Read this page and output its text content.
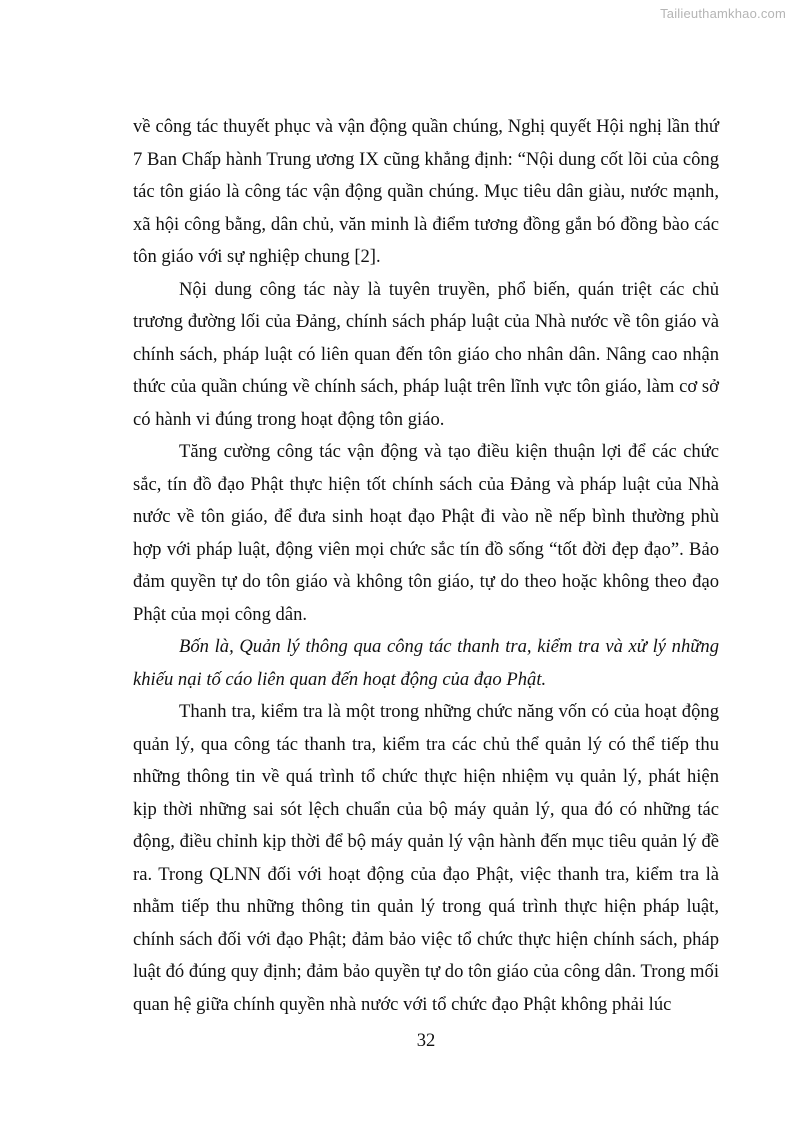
Tailieuthamkhao.com

về công tác thuyết phục và vận động quần chúng, Nghị quyết Hội nghị lần thứ 7 Ban Chấp hành Trung ương IX cũng khẳng định: “Nội dung cốt lõi của công tác tôn giáo là công tác vận động quần chúng. Mục tiêu dân giàu, nước mạnh, xã hội công bằng, dân chủ, văn minh là điểm tương đồng gắn bó đồng bào các tôn giáo với sự nghiệp chung [2].

Nội dung công tác này là tuyên truyền, phổ biến, quán triệt các chủ trương đường lối của Đảng, chính sách pháp luật của Nhà nước về tôn giáo và chính sách, pháp luật có liên quan đến tôn giáo cho nhân dân. Nâng cao nhận thức của quần chúng về chính sách, pháp luật trên lĩnh vực tôn giáo, làm cơ sở có hành vi đúng trong hoạt động tôn giáo.

Tăng cường công tác vận động và tạo điều kiện thuận lợi để các chức sắc, tín đồ đạo Phật thực hiện tốt chính sách của Đảng và pháp luật của Nhà nước về tôn giáo, để đưa sinh hoạt đạo Phật đi vào nề nếp bình thường phù hợp với pháp luật, động viên mọi chức sắc tín đồ sống “tốt đời đẹp đạo”. Bảo đảm quyền tự do tôn giáo và không tôn giáo, tự do theo hoặc không theo đạo Phật của mọi công dân.

Bốn là, Quản lý thông qua công tác thanh tra, kiểm tra và xử lý những khiếu nại tố cáo liên quan đến hoạt động của đạo Phật.

Thanh tra, kiểm tra là một trong những chức năng vốn có của hoạt động quản lý, qua công tác thanh tra, kiểm tra các chủ thể quản lý có thể tiếp thu những thông tin về quá trình tổ chức thực hiện nhiệm vụ quản lý, phát hiện kịp thời những sai sót lệch chuẩn của bộ máy quản lý, qua đó có những tác động, điều chỉnh kịp thời để bộ máy quản lý vận hành đến mục tiêu quản lý đề ra. Trong QLNN đối với hoạt động của đạo Phật, việc thanh tra, kiểm tra là nhằm tiếp thu những thông tin quản lý trong quá trình thực hiện pháp luật, chính sách đối với đạo Phật; đảm bảo việc tổ chức thực hiện chính sách, pháp luật đó đúng quy định; đảm bảo quyền tự do tôn giáo của công dân. Trong mối quan hệ giữa chính quyền nhà nước với tổ chức đạo Phật không phải lúc

32
